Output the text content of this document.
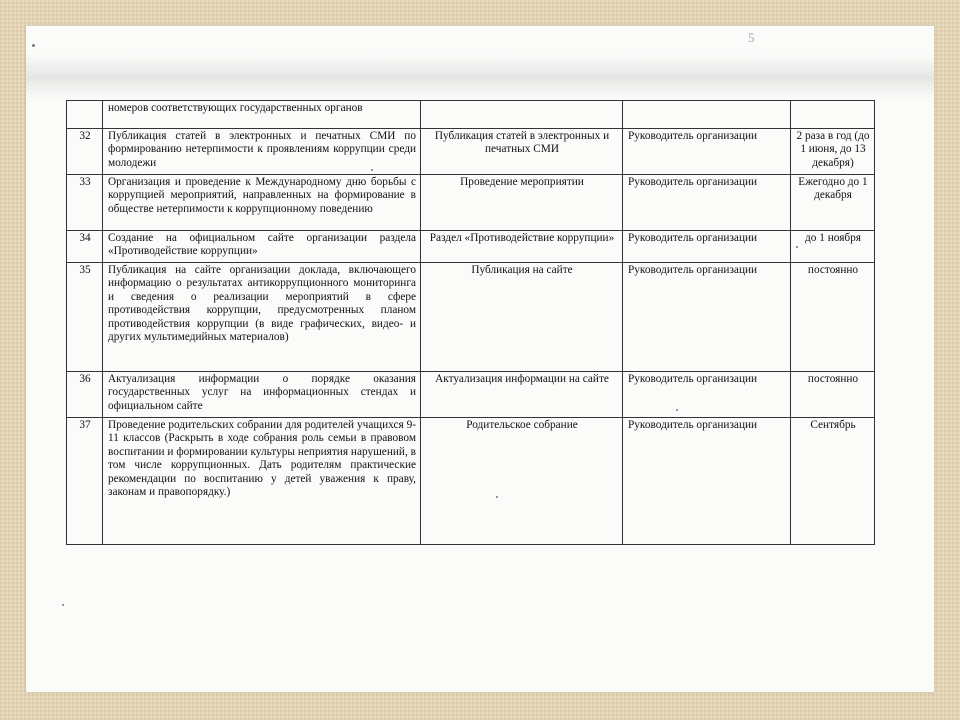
5
	номеров соответствующих государственных органов			
32	Публикация статей в электронных и печатных СМИ по формированию нетерпимости к проявлениям коррупции среди молодежи	Публикация статей в электронных и печатных СМИ	Руководитель организации	2 раза в год (до 1 июня, до 13 декабря)
33	Организация и проведение к Международному дню борьбы с коррупцией мероприятий, направленных на формирование в обществе нетерпимости к коррупционному поведению	Проведение мероприятии	Руководитель организации	Ежегодно до 1 декабря
34	Создание на официальном сайте организации раздела «Противодействие коррупции»	Раздел «Противодействие коррупции»	Руководитель организации	до 1 ноября
35	Публикация на сайте организации доклада, включающего информацию о результатах антикоррупционного мониторинга и сведения о реализации мероприятий в сфере противодействия коррупции, предусмотренных планом противодействия коррупции (в виде графических, видео- и других мультимедийных материалов)	Публикация на сайте	Руководитель организации	постоянно
36	Актуализация информации о порядке оказания государственных услуг на информационных стендах и официальном сайте	Актуализация информации на сайте	Руководитель организации	постоянно
37	Проведение родительских собрании для родителей учащихся 9-11 классов (Раскрыть в ходе собрания роль семьи в правовом воспитании и формировании культуры неприятия нарушений, в том числе коррупционных. Дать родителям практические рекомендации по воспитанию у детей уважения к праву, законам и правопорядку.)	Родительское собрание	Руководитель организации	Сентябрь
